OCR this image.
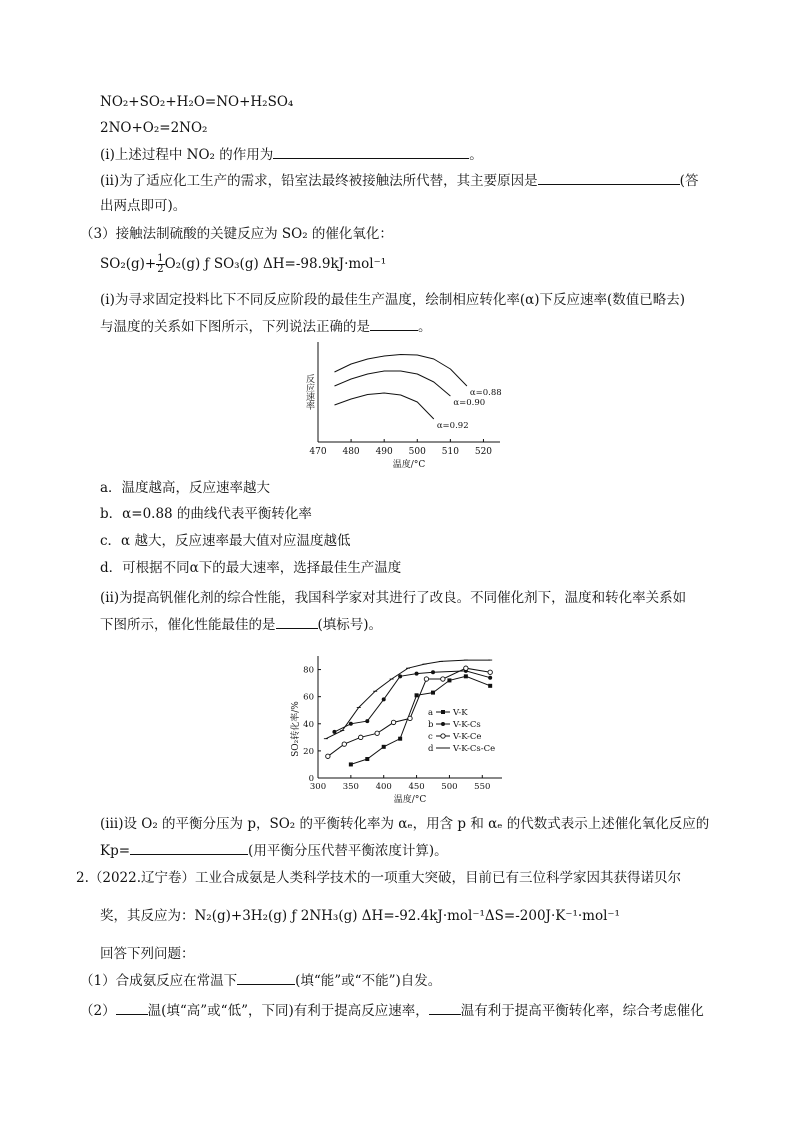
NO₂+SO₂+H₂O=NO+H₂SO₄
2NO+O₂=2NO₂
(ⅰ)上述过程中 NO₂ 的作用为	。
(ⅱ)为了适应化工生产的需求，铅室法最终被接触法所代替，其主要原因是	(答
出两点即可)。
（3）接触法制硫酸的关键反应为 SO₂ 的催化氧化：
$SO_2(g)+ \frac{1}{2} O_2(g)$ ƒ SO₃(g) ΔH=-98.9kJ·mol⁻¹
(ⅰ)为寻求固定投料比下不同反应阶段的最佳生产温度，绘制相应转化率(α)下反应速率(数值已略去)
与温度的关系如下图所示，下列说法正确的是	。
470 480 490 500 510 520
α=0.88
α=0.90
α=0.92
温度/°C
反应速率
a．温度越高，反应速率越大
b．α=0.88 的曲线代表平衡转化率
c．α 越大，反应速率最大值对应温度越低
d．可根据不同α下的最大速率，选择最佳生产温度
(ⅱ)为提高钒催化剂的综合性能，我国科学家对其进行了改良。不同催化剂下，温度和转化率关系如
下图所示，催化性能最佳的是	(填标号)。
300 350 400 450 500 550
0
20
40
60
80
a V-K
b V-K-Cs
c V-K-Ce
d V-K-Cs-Ce
温度/°C
SO₂转化率/%
(ⅲ)设 O₂ 的平衡分压为 p，SO₂ 的平衡转化率为 αₑ，用含 p 和 αₑ 的代数式表示上述催化氧化反应的
Kp=	(用平衡分压代替平衡浓度计算)。
2.（2022.辽宁卷）工业合成氨是人类科学技术的一项重大突破，目前已有三位科学家因其获得诺贝尔
奖，其反应为：N₂(g)+3H₂(g) ƒ 2NH₃(g) ΔH=-92.4kJ·mol⁻¹ΔS=-200J·K⁻¹·mol⁻¹
回答下列问题：
（1）合成氨反应在常温下	(填“能”或“不能”)自发。
（2） 温(填“高”或“低”，下同)有利于提高反应速率， 温有利于提高平衡转化率，综合考虑催化
